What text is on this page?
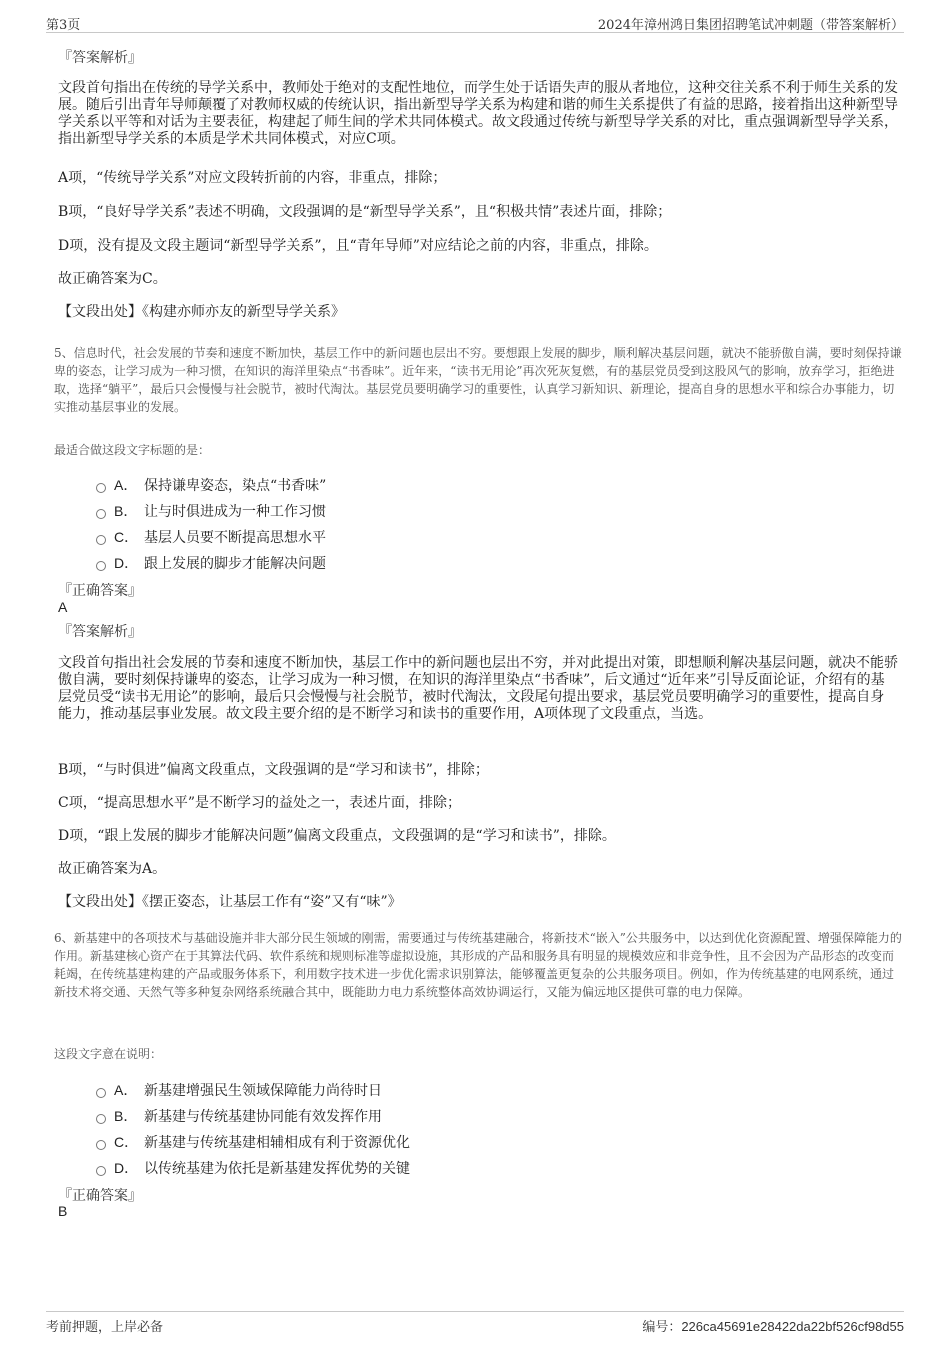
第3页	2024年漳州鸿日集团招聘笔试冲刺题（带答案解析）
『答案解析』

文段首句指出在传统的导学关系中，教师处于绝对的支配性地位，而学生处于话语失声的服从者地位，这种交往关系不利于师生关系的发展。随后引出青年导师颠覆了对教师权威的传统认识，指出新型导学关系为构建和谐的师生关系提供了有益的思路，接着指出这种新型导学关系以平等和对话为主要表征，构建起了师生间的学术共同体模式。故文段通过传统与新型导学关系的对比，重点强调新型导学关系，指出新型导学关系的本质是学术共同体模式，对应C项。

A项，“传统导学关系”对应文段转折前的内容，非重点，排除；

B项，“良好导学关系”表述不明确，文段强调的是“新型导学关系”，且“积极共情”表述片面，排除；

D项，没有提及文段主题词“新型导学关系”，且“青年导师”对应结论之前的内容，非重点，排除。

故正确答案为C。

【文段出处】《构建亦师亦友的新型导学关系》

5、信息时代，社会发展的节奏和速度不断加快，基层工作中的新问题也层出不穷。要想跟上发展的脚步，顺利解决基层问题，就决不能骄傲自满，要时刻保持谦卑的姿态，让学习成为一种习惯，在知识的海洋里染点“书香味”。近年来，“读书无用论”再次死灰复燃，有的基层党员受到这股风气的影响，放弃学习，拒绝进取，选择“躺平”，最后只会慢慢与社会脱节，被时代淘汰。基层党员要明确学习的重要性，认真学习新知识、新理论，提高自身的思想水平和综合办事能力，切实推动基层事业的发展。

最适合做这段文字标题的是：
A． 保持谦卑姿态，染点“书香味”
B． 让与时俱进成为一种工作习惯
C． 基层人员要不断提高思想水平
D． 跟上发展的脚步才能解决问题
『正确答案』
A
『答案解析』

文段首句指出社会发展的节奏和速度不断加快，基层工作中的新问题也层出不穷，并对此提出对策，即想顺利解决基层问题，就决不能骄傲自满，要时刻保持谦卑的姿态，让学习成为一种习惯，在知识的海洋里染点“书香味”，后文通过“近年来”引导反面论证，介绍有的基层党员受“读书无用论”的影响，最后只会慢慢与社会脱节，被时代淘汰，文段尾句提出要求，基层党员要明确学习的重要性，提高自身能力，推动基层事业发展。故文段主要介绍的是不断学习和读书的重要作用，A项体现了文段重点，当选。

B项，“与时俱进”偏离文段重点，文段强调的是“学习和读书”，排除；

C项，“提高思想水平”是不断学习的益处之一，表述片面，排除；

D项，“跟上发展的脚步才能解决问题”偏离文段重点，文段强调的是“学习和读书”，排除。

故正确答案为A。

【文段出处】《摆正姿态，让基层工作有“姿”又有“味”》

6、新基建中的各项技术与基础设施并非大部分民生领域的刚需，需要通过与传统基建融合，将新技术“嵌入”公共服务中，以达到优化资源配置、增强保障能力的作用。新基建核心资产在于其算法代码、软件系统和规则标准等虚拟设施，其形成的产品和服务具有明显的规模效应和非竞争性，且不会因为产品形态的改变而耗竭，在传统基建构建的产品或服务体系下，利用数字技术进一步优化需求识别算法，能够覆盖更复杂的公共服务项目。例如，作为传统基建的电网系统，通过新技术将交通、天然气等多种复杂网络系统融合其中，既能助力电力系统整体高效协调运行，又能为偏远地区提供可靠的电力保障。

这段文字意在说明：
A． 新基建增强民生领域保障能力尚待时日
B． 新基建与传统基建协同能有效发挥作用
C． 新基建与传统基建相辅相成有利于资源优化
D． 以传统基建为依托是新基建发挥优势的关键
『正确答案』
B
考前押题，上岸必备	编号：226ca45691e28422da22bf526cf98d55
